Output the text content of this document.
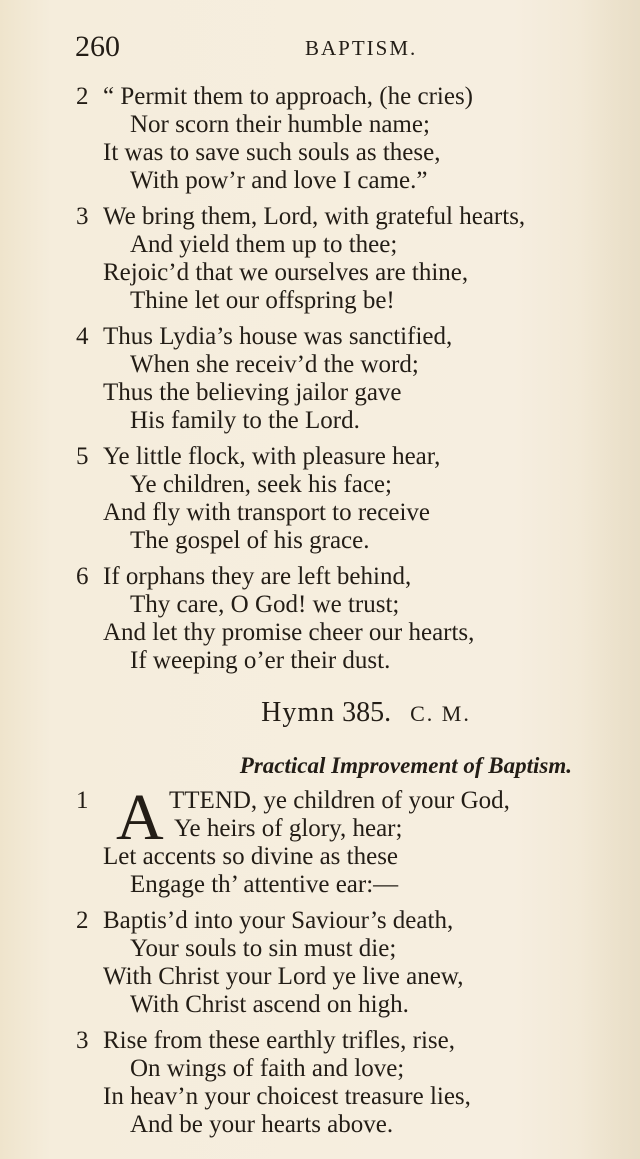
260	BAPTISM.
2 “ Permit them to approach, (he cries)
Nor scorn their humble name;
It was to save such souls as these,
With pow’r and love I came.”
3 We bring them, Lord, with grateful hearts,
And yield them up to thee;
Rejoic’d that we ourselves are thine,
Thine let our offspring be!
4 Thus Lydia’s house was sanctified,
When she receiv’d the word;
Thus the believing jailor gave
His family to the Lord.
5 Ye little flock, with pleasure hear,
Ye children, seek his face;
And fly with transport to receive
The gospel of his grace.
6 If orphans they are left behind,
Thy care, O God! we trust;
And let thy promise cheer our hearts,
If weeping o’er their dust.
Hymn 385. C. M.
Practical Improvement of Baptism.
1 A TTEND, ye children of your God,
Ye heirs of glory, hear;
Let accents so divine as these
Engage th’ attentive ear:—
2 Baptis’d into your Saviour’s death,
Your souls to sin must die;
With Christ your Lord ye live anew,
With Christ ascend on high.
3 Rise from these earthly trifles, rise,
On wings of faith and love;
In heav’n your choicest treasure lies,
And be your hearts above.
